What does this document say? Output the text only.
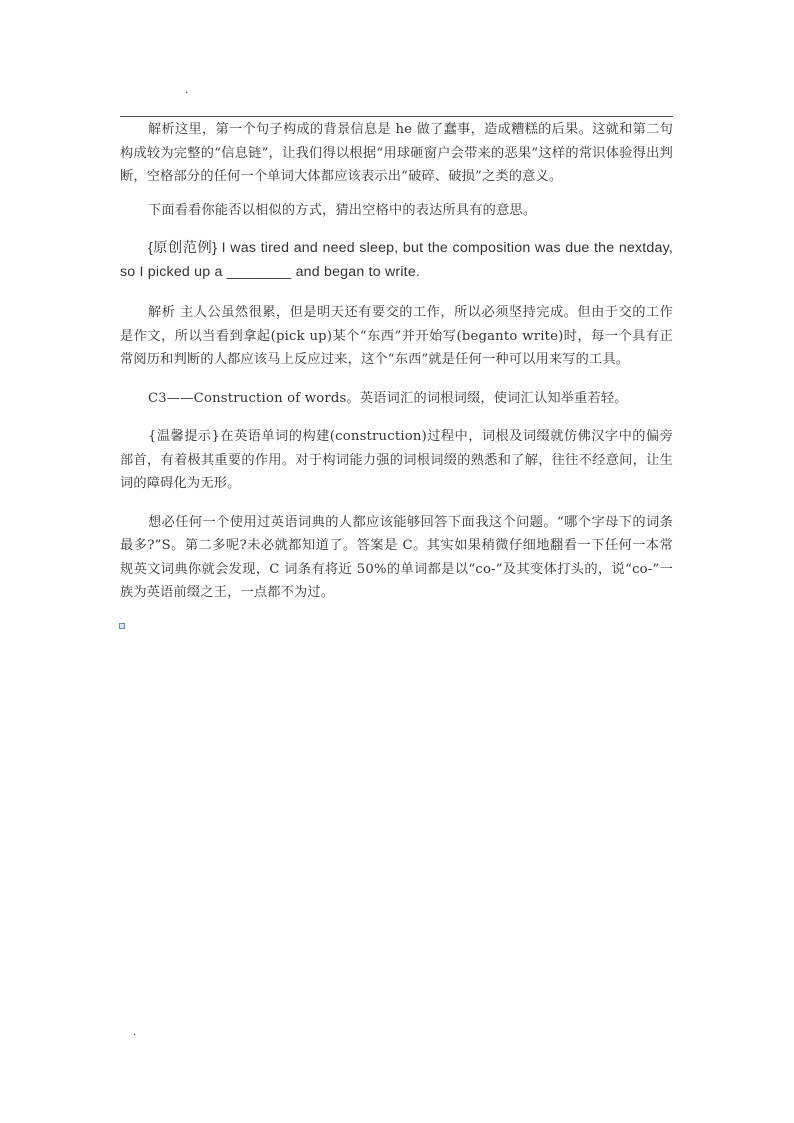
.

解析这里，第一个句子构成的背景信息是 he 做了蠢事，造成糟糕的后果。这就和第二句构成较为完整的“信息链”，让我们得以根据“用球砸窗户会带来的恶果”这样的常识体验得出判断，空格部分的任何一个单词大体都应该表示出“破碎、破损”之类的意义。

下面看看你能否以相似的方式，猜出空格中的表达所具有的意思。

{原创范例} I was tired and need sleep, but the composition was due the nextday, so I picked up a ________ and began to write.

解析 主人公虽然很累，但是明天还有要交的工作，所以必须坚持完成。但由于交的工作是作文，所以当看到拿起(pick up)某个“东西”并开始写(beganto write)时，每一个具有正常阅历和判断的人都应该马上反应过来，这个“东西”就是任何一种可以用来写的工具。

C3——Construction of words。英语词汇的词根词缀，使词汇认知举重若轻。

{温馨提示}在英语单词的构建(construction)过程中，词根及词缀就仿佛汉字中的偏旁部首，有着极其重要的作用。对于构词能力强的词根词缀的熟悉和了解，往往不经意间，让生词的障碍化为无形。

想必任何一个使用过英语词典的人都应该能够回答下面我这个问题。“哪个字母下的词条最多?”S。第二多呢?未必就都知道了。答案是 C。其实如果稍微仔细地翻看一下任何一本常规英文词典你就会发现，C 词条有将近 50%的单词都是以“co-”及其变体打头的，说“co-”一族为英语前缀之王，一点都不为过。

.
